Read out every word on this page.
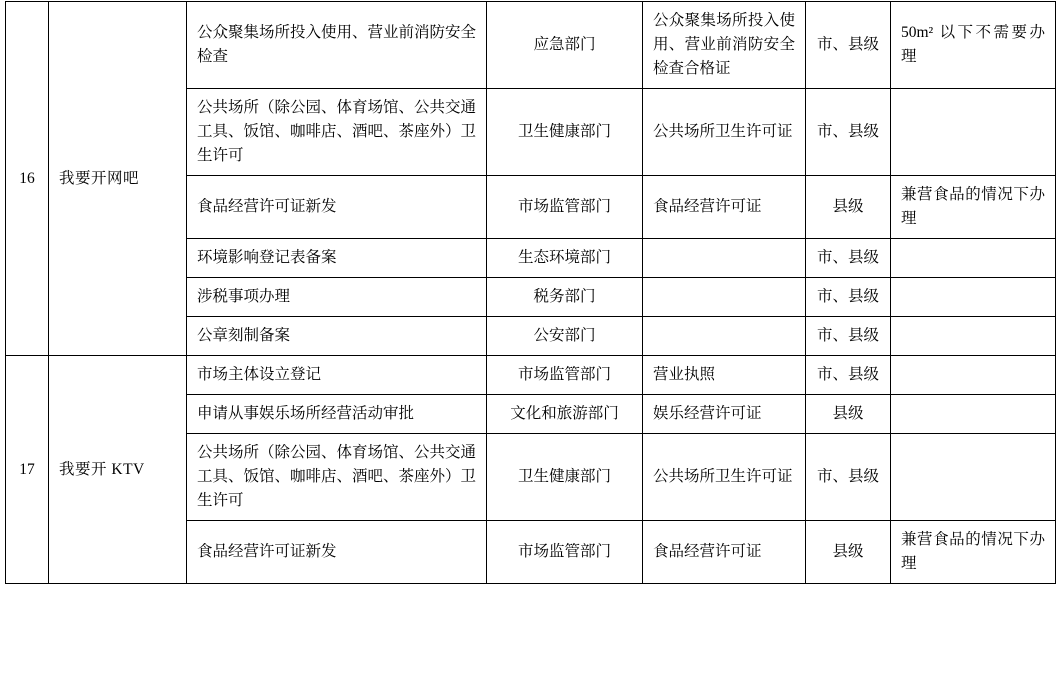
16	我要开网吧	公众聚集场所投入使用、营业前消防安全检查	应急部门	公众聚集场所投入使用、营业前消防安全检查合格证	市、县级	50m² 以下不需要办理
		公共场所（除公园、体育场馆、公共交通工具、饭馆、咖啡店、酒吧、茶座外）卫生许可	卫生健康部门	公共场所卫生许可证	市、县级	
		食品经营许可证新发	市场监管部门	食品经营许可证	县级	兼营食品的情况下办理
		环境影响登记表备案	生态环境部门		市、县级	
		涉税事项办理	税务部门		市、县级	
		公章刻制备案	公安部门		市、县级	
17	我要开 KTV	市场主体设立登记	市场监管部门	营业执照	市、县级	
		申请从事娱乐场所经营活动审批	文化和旅游部门	娱乐经营许可证	县级	
		公共场所（除公园、体育场馆、公共交通工具、饭馆、咖啡店、酒吧、茶座外）卫生许可	卫生健康部门	公共场所卫生许可证	市、县级	
		食品经营许可证新发	市场监管部门	食品经营许可证	县级	兼营食品的情况下办理
